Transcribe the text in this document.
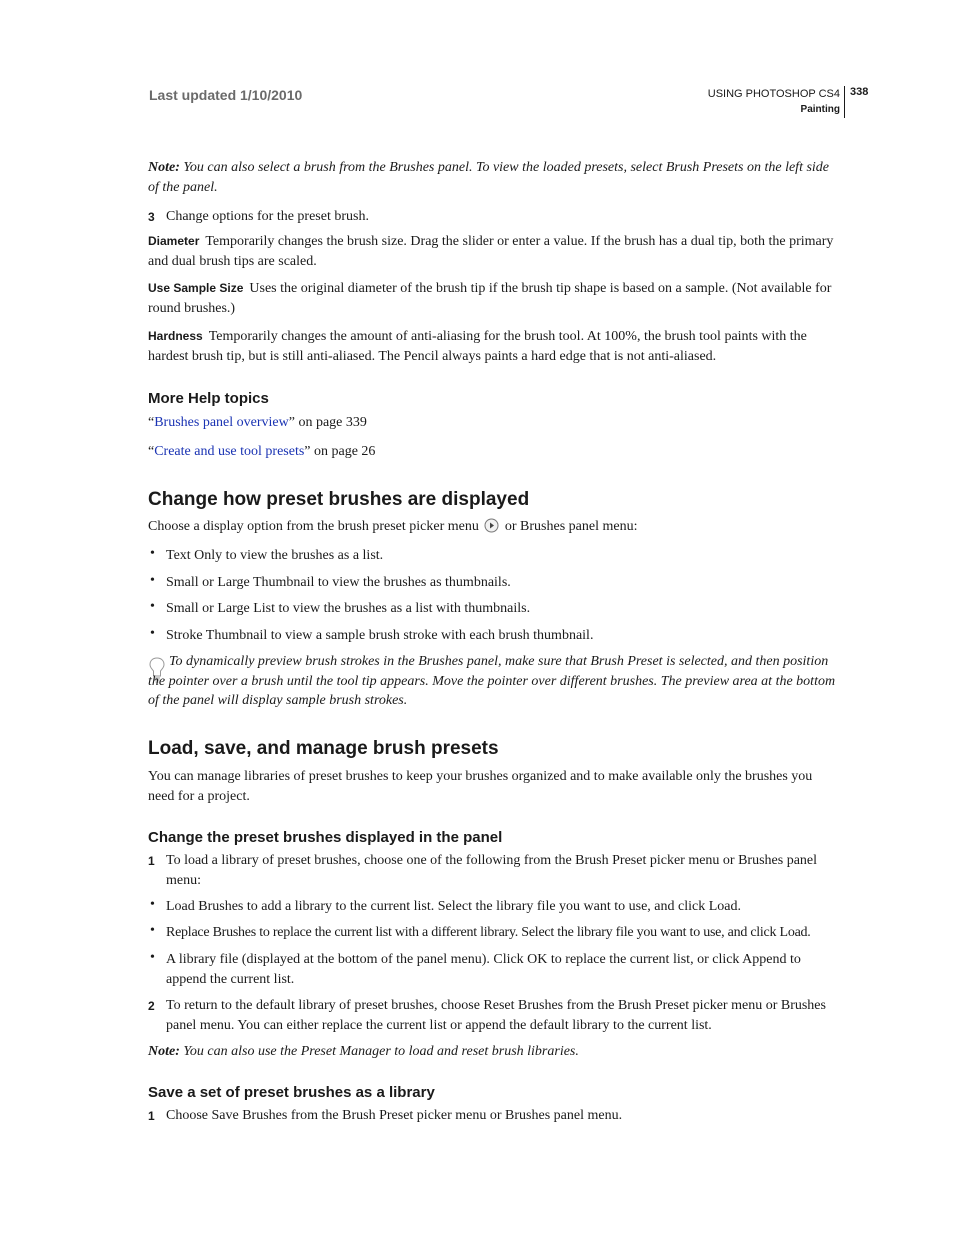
Last updated 1/10/2010	USING PHOTOSHOP CS4
Painting
338
Note: You can also select a brush from the Brushes panel. To view the loaded presets, select Brush Presets on the left side of the panel.
3 Change options for the preset brush.
Diameter Temporarily changes the brush size. Drag the slider or enter a value. If the brush has a dual tip, both the primary and dual brush tips are scaled.
Use Sample Size Uses the original diameter of the brush tip if the brush tip shape is based on a sample. (Not available for round brushes.)
Hardness Temporarily changes the amount of anti-aliasing for the brush tool. At 100%, the brush tool paints with the hardest brush tip, but is still anti-aliased. The Pencil always paints a hard edge that is not anti-aliased.
More Help topics
“Brushes panel overview” on page 339
“Create and use tool presets” on page 26
Change how preset brushes are displayed
Choose a display option from the brush preset picker menu or Brushes panel menu:
• Text Only to view the brushes as a list.
• Small or Large Thumbnail to view the brushes as thumbnails.
• Small or Large List to view the brushes as a list with thumbnails.
• Stroke Thumbnail to view a sample brush stroke with each brush thumbnail.
To dynamically preview brush strokes in the Brushes panel, make sure that Brush Preset is selected, and then position the pointer over a brush until the tool tip appears. Move the pointer over different brushes. The preview area at the bottom of the panel will display sample brush strokes.
Load, save, and manage brush presets
You can manage libraries of preset brushes to keep your brushes organized and to make available only the brushes you need for a project.
Change the preset brushes displayed in the panel
1 To load a library of preset brushes, choose one of the following from the Brush Preset picker menu or Brushes panel menu:
• Load Brushes to add a library to the current list. Select the library file you want to use, and click Load.
• Replace Brushes to replace the current list with a different library. Select the library file you want to use, and click Load.
• A library file (displayed at the bottom of the panel menu). Click OK to replace the current list, or click Append to append the current list.
2 To return to the default library of preset brushes, choose Reset Brushes from the Brush Preset picker menu or Brushes panel menu. You can either replace the current list or append the default library to the current list.
Note: You can also use the Preset Manager to load and reset brush libraries.
Save a set of preset brushes as a library
1 Choose Save Brushes from the Brush Preset picker menu or Brushes panel menu.
